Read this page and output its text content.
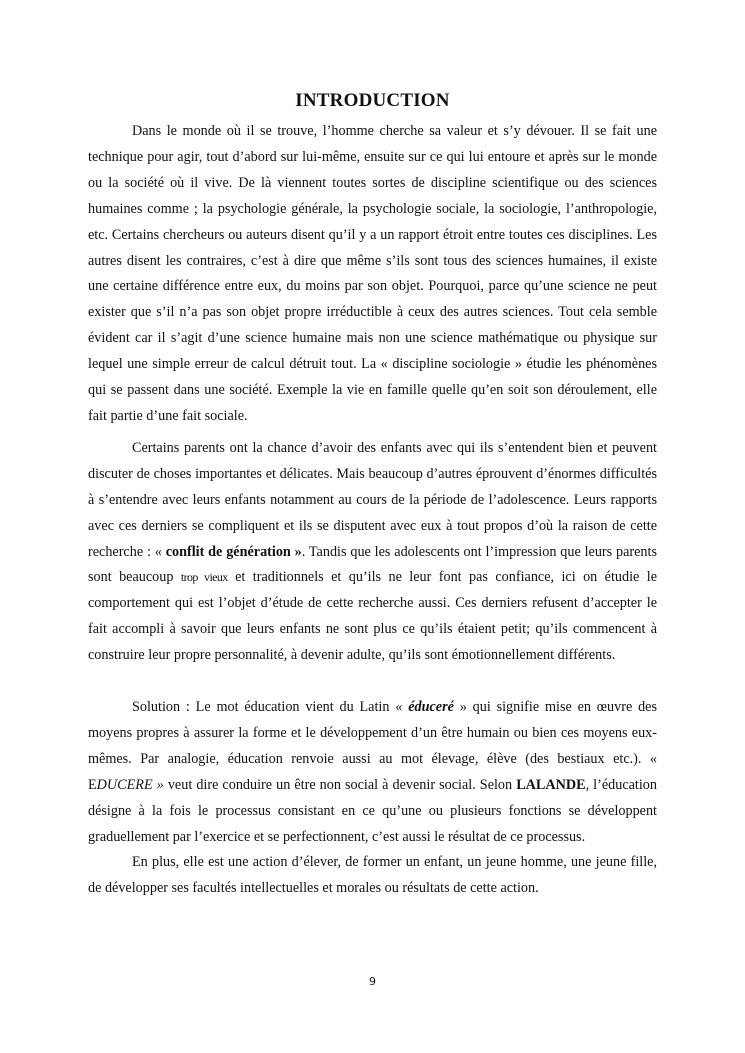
INTRODUCTION

Dans le monde où il se trouve, l’homme cherche sa valeur et s’y dévouer. Il se fait une technique pour agir, tout d’abord sur lui-même, ensuite sur ce qui lui entoure et après sur le monde ou la société où il vive. De là viennent toutes sortes de discipline scientifique ou des sciences humaines comme ; la psychologie générale, la psychologie sociale, la sociologie, l’anthropologie, etc. Certains chercheurs ou auteurs disent qu’il y a un rapport étroit entre toutes ces disciplines. Les autres disent les contraires, c’est à dire que même s’ils sont tous des sciences humaines, il existe une certaine différence entre eux, du moins par son objet. Pourquoi, parce qu’une science ne peut exister que s’il n’a pas son objet propre irréductible à ceux des autres sciences. Tout cela semble évident car il s’agit d’une science humaine mais non une science mathématique ou physique sur lequel une simple erreur de calcul détruit tout. La « discipline sociologie » étudie les phénomènes qui se passent dans une société. Exemple la vie en famille quelle qu’en soit son déroulement, elle fait partie d’une fait sociale.

Certains parents ont la chance d’avoir des enfants avec qui ils s’entendent bien et peuvent discuter de choses importantes et délicates. Mais beaucoup d’autres éprouvent d’énormes difficultés à s’entendre avec leurs enfants notamment au cours de la période de l’adolescence. Leurs rapports avec ces derniers se compliquent et ils se disputent avec eux à tout propos d’où la raison de cette recherche : « conflit de génération ». Tandis que les adolescents ont l’impression que leurs parents sont beaucoup trop vieux et traditionnels et qu’ils ne leur font pas confiance, ici on étudie le comportement qui est l’objet d’étude de cette recherche aussi. Ces derniers refusent d’accepter le fait accompli à savoir que leurs enfants ne sont plus ce qu’ils étaient petit; qu’ils commencent à construire leur propre personnalité, à devenir adulte, qu’ils sont émotionnellement différents.

Solution : Le mot éducation vient du Latin « éduceré » qui signifie mise en œuvre des moyens propres à assurer la forme et le développement d’un être humain ou bien ces moyens eux- mêmes. Par analogie, éducation renvoie aussi au mot élevage, élève (des bestiaux etc.). « EDUCERE » veut dire conduire un être non social à devenir social. Selon LALANDE, l’éducation désigne à la fois le processus consistant en ce qu’une ou plusieurs fonctions se développent graduellement par l’exercice et se perfectionnent, c’est aussi le résultat de ce processus.

En plus, elle est une action d’élever, de former un enfant, un jeune homme, une jeune fille, de développer ses facultés intellectuelles et morales ou résultats de cette action.

9
